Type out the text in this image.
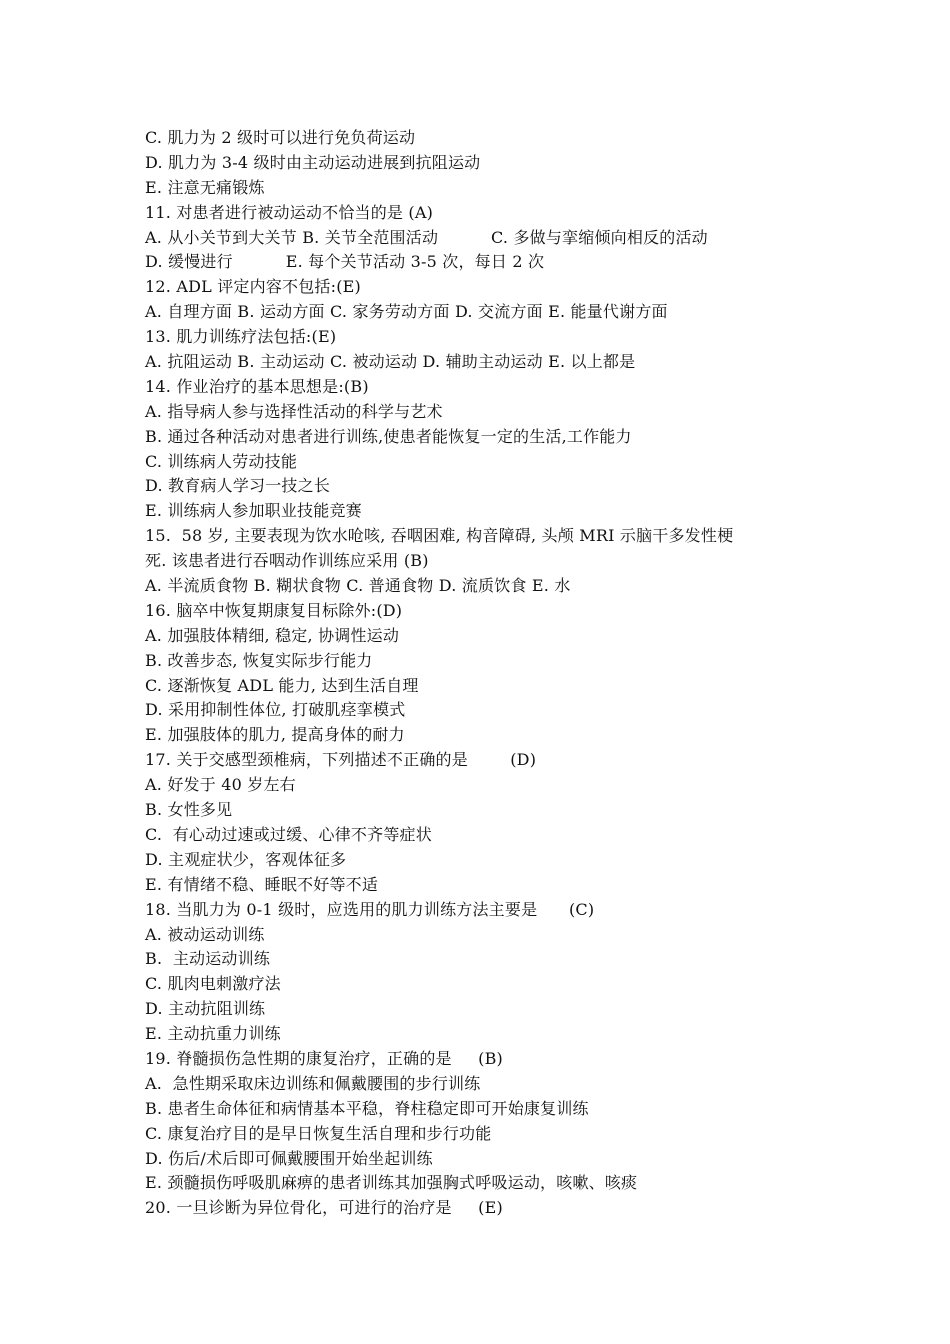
C. 肌力为 2 级时可以进行免负荷运动
D. 肌力为 3-4 级时由主动运动进展到抗阻运动
E. 注意无痛锻炼
11. 对患者进行被动运动不恰当的是 (A)
A. 从小关节到大关节 B. 关节全范围活动          C. 多做与挛缩倾向相反的活动
D. 缓慢进行          E. 每个关节活动 3-5 次，每日 2 次
12. ADL 评定内容不包括:(E)
A. 自理方面 B. 运动方面 C. 家务劳动方面 D. 交流方面 E. 能量代谢方面
13. 肌力训练疗法包括:(E)
A. 抗阻运动 B. 主动运动 C. 被动运动 D. 辅助主动运动 E. 以上都是
14. 作业治疗的基本思想是:(B)
A. 指导病人参与选择性活动的科学与艺术
B. 通过各种活动对患者进行训练,使患者能恢复一定的生活,工作能力
C. 训练病人劳动技能
D. 教育病人学习一技之长
E. 训练病人参加职业技能竞赛
15.  58 岁, 主要表现为饮水呛咳, 吞咽困难, 构音障碍, 头颅 MRI 示脑干多发性梗
死. 该患者进行吞咽动作训练应采用 (B)
A. 半流质食物 B. 糊状食物 C. 普通食物 D. 流质饮食 E. 水
16. 脑卒中恢复期康复目标除外:(D)
A. 加强肢体精细, 稳定, 协调性运动
B. 改善步态, 恢复实际步行能力
C. 逐渐恢复 ADL 能力, 达到生活自理
D. 采用抑制性体位, 打破肌痉挛模式
E. 加强肢体的肌力, 提高身体的耐力
17. 关于交感型颈椎病，下列描述不正确的是        (D)
A. 好发于 40 岁左右
B. 女性多见
C.  有心动过速或过缓、心律不齐等症状
D. 主观症状少，客观体征多
E. 有情绪不稳、睡眠不好等不适
18. 当肌力为 0-1 级时，应选用的肌力训练方法主要是      (C)
A. 被动运动训练
B.  主动运动训练
C. 肌肉电刺激疗法
D. 主动抗阻训练
E. 主动抗重力训练
19. 脊髓损伤急性期的康复治疗，正确的是     (B)
A.  急性期采取床边训练和佩戴腰围的步行训练
B. 患者生命体征和病情基本平稳，脊柱稳定即可开始康复训练
C. 康复治疗目的是早日恢复生活自理和步行功能
D. 伤后/术后即可佩戴腰围开始坐起训练
E. 颈髓损伤呼吸肌麻痹的患者训练其加强胸式呼吸运动，咳嗽、咳痰
20. 一旦诊断为异位骨化，可进行的治疗是     (E)
